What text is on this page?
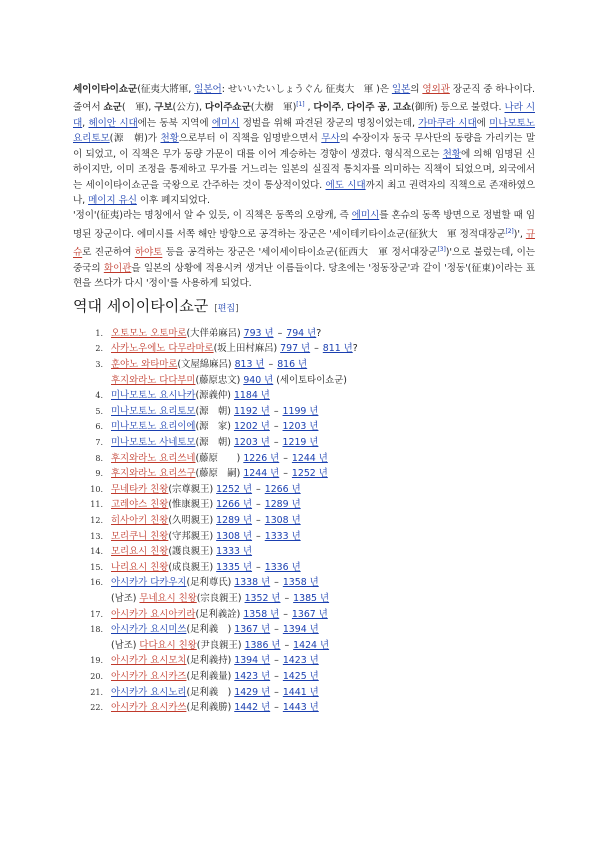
세이이타이쇼군(征夷大將軍, 일본어: せいいたいしょうぐん 征夷大　軍 )은 일본의 영외관 장군직 중 하나이다. 줄여서 쇼군(　軍), 구보(公方), 다이주쇼군(大樹　軍)[1] , 다이주, 다이주 공, 고쇼(御所) 등으로 불렸다. 나라 시대, 헤이안 시대에는 동북 지역에 에미시 정벌을 위해 파견된 장군의 명칭이었는데, 가마쿠라 시대에 미나모토노 요리토모(源　朝)가 천황으로부터 이 직책을 임명받으면서 무사의 수장이자 동국 무사단의 동량을 가리키는 말이 되었고, 이 직책은 무가 동량 가문이 대를 이어 계승하는 경향이 생겼다. 형식적으로는 천황에 의해 임명된 신하이지만, 이미 조정을 통제하고 무가를 거느리는 일본의 실질적 통치자를 의미하는 직책이 되었으며, 외국에서는 세이이타이쇼군을 국왕으로 간주하는 것이 통상적이었다. 에도 시대까지 최고 권력자의 직책으로 존재하였으나, 메이지 유신 이후 폐지되었다.

'정이'(征夷)라는 명칭에서 알 수 있듯, 이 직책은 동쪽의 오랑캐, 즉 에미시를 혼슈의 동쪽 방면으로 정벌할 때 임명된 장군이다. 에미시를 서쪽 해안 방향으로 공격하는 장군은 '세이테키타이쇼군(征狄大　軍 정적대장군[2])', 규슈로 진군하여 하야토 등을 공격하는 장군은 '세이세이타이쇼군(征西大　軍 정서대장군[3])'으로 불렀는데, 이는 중국의 화이관을 일본의 상황에 적용시켜 생겨난 이름들이다. 당초에는 '정동장군'과 같이 '정동'(征東)이라는 표현을 쓰다가 다시 '정이'를 사용하게 되었다.

역대 세이이타이쇼군 [편집]
1. 오토모노 오토마로(大伴弟麻呂) 793 년 – 794 년?
2. 사카노우에노 다무라마로(坂上田村麻呂) 797 년 – 811 년?
3. 훈야노 와타마로(文屋綿麻呂) 813 년 – 816 년
후지와라노 다다부미(藤原忠文) 940 년 (세이토타이쇼군)
4. 미나모토노 요시나카(源義仲) 1184 년
5. 미나모토노 요리토모(源　朝) 1192 년 – 1199 년
6. 미나모토노 요리이에(源　家) 1202 년 – 1203 년
7. 미나모토노 사네토모(源　朝) 1203 년 – 1219 년
8. 후지와라노 요리쓰네(藤原　　) 1226 년 – 1244 년
9. 후지와라노 요리쓰구(藤原　嗣) 1244 년 – 1252 년
10. 무네타카 친왕(宗尊親王) 1252 년 – 1266 년
11. 고레야스 친왕(惟康親王) 1266 년 – 1289 년
12. 히사아키 친왕(久明親王) 1289 년 – 1308 년
13. 모리쿠니 친왕(守邦親王) 1308 년 – 1333 년
14. 모리요시 친왕(護良親王) 1333 년
15. 나리요시 친왕(成良親王) 1335 년 – 1336 년
16. 아시카가 다카우지(足利尊氏) 1338 년 – 1358 년
(남조) 무네요시 친왕(宗良親王) 1352 년 – 1385 년
17. 아시카가 요시아키라(足利義詮) 1358 년 – 1367 년
18. 아시카가 요시미쓰(足利義　) 1367 년 – 1394 년
(남조) 다다요시 친왕(尹良親王) 1386 년 – 1424 년
19. 아시카가 요시모치(足利義持) 1394 년 – 1423 년
20. 아시카가 요시카즈(足利義量) 1423 년 – 1425 년
21. 아시카가 요시노리(足利義　) 1429 년 – 1441 년
22. 아시카가 요시카쓰(足利義勝) 1442 년 – 1443 년
